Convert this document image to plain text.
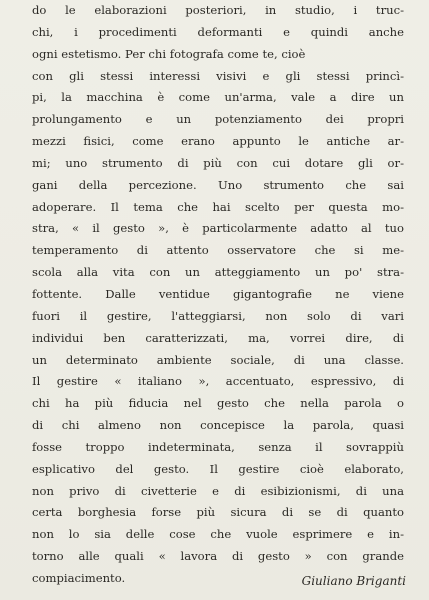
do le elaborazioni posteriori, in studio, i truc-
chi, i procedimenti deformanti e quindi anche
ogni estetismo. Per chi fotografa come te, cioè
con gli stessi interessi visivi e gli stessi princì-
pi, la macchina è come un'arma, vale a dire un
prolungamento e un potenziamento dei propri
mezzi fisici, come erano appunto le antiche ar-
mi; uno strumento di più con cui dotare gli or-
gani della percezione. Uno strumento che sai
adoperare. Il tema che hai scelto per questa mo-
stra, « il gesto », è particolarmente adatto al tuo
temperamento di attento osservatore che si me-
scola alla vita con un atteggiamento un po' stra-
fottente. Dalle ventidue gigantografie ne viene
fuori il gestire, l'atteggiarsi, non solo di vari
individui ben caratterizzati, ma, vorrei dire, di
un determinato ambiente sociale, di una classe.
Il gestire « italiano », accentuato, espressivo, di
chi ha più fiducia nel gesto che nella parola o
di chi almeno non concepisce la parola, quasi
fosse troppo indeterminata, senza il sovrappiù
esplicativo del gesto. Il gestire cioè elaborato,
non privo di civetterie e di esibizionismi, di una
certa borghesia forse più sicura di se di quanto
non lo sia delle cose che vuole esprimere e in-
torno alle quali « lavora di gesto » con grande
compiacimento.	Giuliano Briganti
